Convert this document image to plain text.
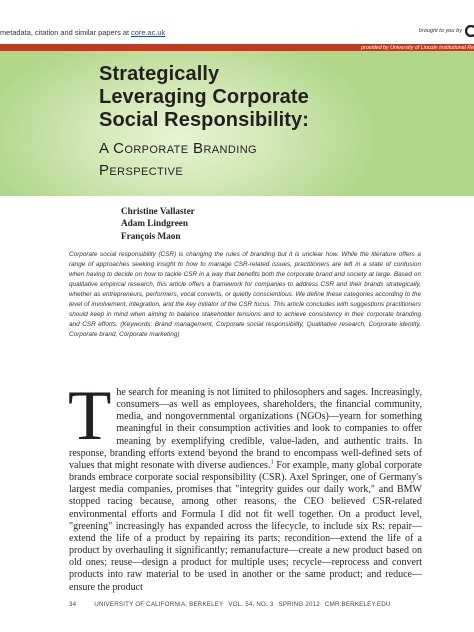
metadata, citation and similar papers at core.ac.uk	brought to you by
provided by University of Lincoln Institutional Re
Strategically Leveraging Corporate Social Responsibility:
A Corporate Branding
Perspective
Christine Vallaster
Adam Lindgreen
François Maon
Corporate social responsibility (CSR) is changing the rules of branding but it is unclear how. While the literature offers a range of approaches seeking insight to how to manage CSR-related issues, practitioners are left in a state of confusion when having to decide on how to tackle CSR in a way that benefits both the corporate brand and society at large. Based on qualitative empirical research, this article offers a framework for companies to address CSR and their brands strategically, whether as entrepreneurs, performers, vocal converts, or quietly conscientious. We define these categories according to the level of involvement, integration, and the key initiator of the CSR focus. This article concludes with suggestions practitioners should keep in mind when aiming to balance stakeholder tensions and to achieve consistency in their corporate branding and CSR efforts. (Keywords: Brand management, Corporate social responsibility, Qualitative research, Corporate identity, Corporate brand, Corporate marketing)
The search for meaning is not limited to philosophers and sages. Increasingly, consumers—as well as employees, shareholders, the financial community, media, and nongovernmental organizations (NGOs)—yearn for something meaningful in their consumption activities and look to companies to offer meaning by exemplifying credible, value-laden, and authentic traits. In response, branding efforts extend beyond the brand to encompass well-defined sets of values that might resonate with diverse audiences.$^1$ For example, many global corporate brands embrace corporate social responsibility (CSR). Axel Springer, one of Germany's largest media companies, promises that "integrity guides our daily work," and BMW stopped racing because, among other reasons, the CEO believed CSR-related environmental efforts and Formula I did not fit well together. On a product level, "greening" increasingly has expanded across the lifecycle, to include six Rs: repair—extend the life of a product by repairing its parts; recondition—extend the life of a product by overhauling it significantly; remanufacture—create a new product based on old ones; reuse—design a product for multiple uses; recycle—reprocess and convert products into raw material to be used in another or the same product; and reduce—ensure the product
34	UNIVERSITY OF CALIFORNIA, BERKELEY VOL. 54, NO. 3 SPRING 2012 CMR.BERKELEY.EDU
